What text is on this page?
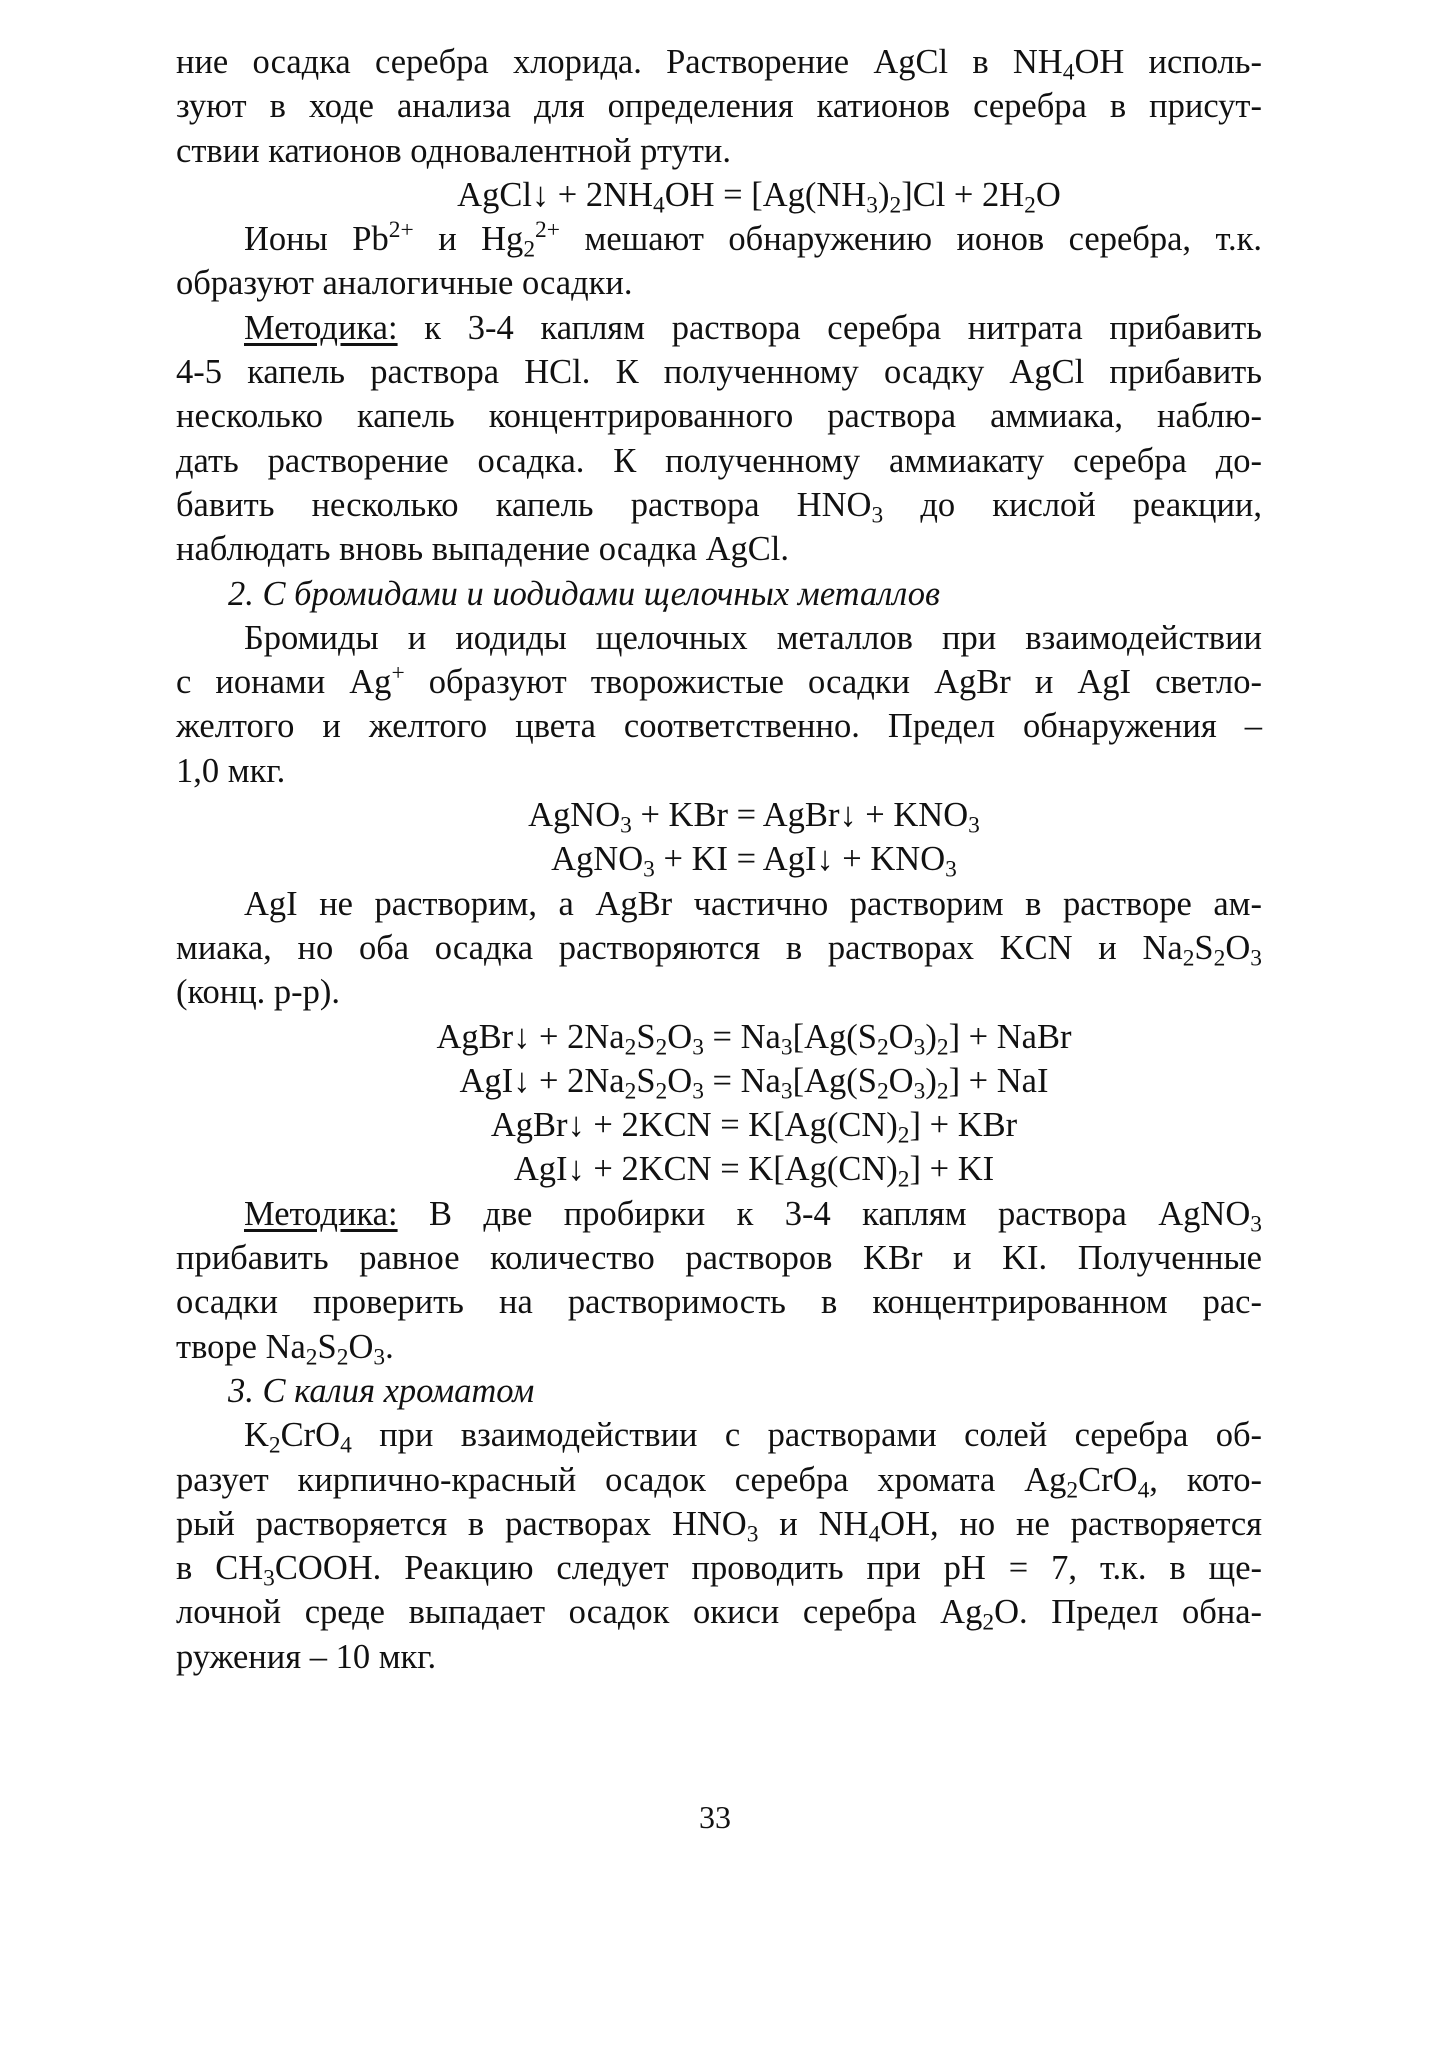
ние осадка серебра хлорида. Растворение AgCl в $NH_4OH$ исполь-
зуют в ходе анализа для определения катионов серебра в присут-
ствии катионов одновалентной ртути.
AgCl↓ + $2NH_4OH = [Ag(NH_3)_2]Cl + 2H_2O$
Ионы $Pb^{2+}$ и $Hg_2^{2+}$ мешают обнаружению ионов серебра, т.к.
образуют аналогичные осадки.
Методика: к 3-4 каплям раствора серебра нитрата прибавить
4-5 капель раствора HCl. К полученному осадку AgCl прибавить
несколько капель концентрированного раствора аммиака, наблю-
дать растворение осадка. К полученному аммиакату серебра до-
бавить несколько капель раствора $HNO_3$ до кислой реакции,
наблюдать вновь выпадение осадка AgCl.
2. С бромидами и иодидами щелочных металлов
Бромиды и иодиды щелочных металлов при взаимодействии
с ионами Ag+ образуют творожистые осадки AgBr и AgI светло-
желтого и желтого цвета соответственно. Предел обнаружения –
1,0 мкг.
AgNO$_3$ + KBr = AgBr↓ + $KNO_3$
AgNO$_3$ + KI = AgI↓ + $KNO_3$
AgI не растворим, а AgBr частично растворим в растворе ам-
миака, но оба осадка растворяются в растворах KCN и $Na_2S_2O_3$
(конц. р-р).
AgBr↓ + $2Na_2S_2O_3 = Na_3[Ag(S_2O_3)_2]$ + NaBr
AgI↓ + $2Na_2S_2O_3 = Na_3[Ag(S_2O_3)_2]$ + NaI
AgBr↓ + $2KCN = K[Ag(CN)_2]$ + KBr
AgI↓ + $2KCN = K[Ag(CN)_2]$ + KI
Методика: В две пробирки к 3-4 каплям раствора AgNO$_3$
прибавить равное количество растворов KBr и KI. Полученные
осадки проверить на растворимость в концентрированном рас-
творе $Na_2S_2O_3$.
3. С калия хроматом
$K_2CrO_4$ при взаимодействии с растворами солей серебра об-
разует кирпично-красный осадок серебра хромата $Ag_2CrO_4$, кото-
рый растворяется в растворах $HNO_3$ и $NH_4OH$, но не растворяется
в $CH_3COOH$. Реакцию следует проводить при pH = 7, т.к. в ще-
лочной среде выпадает осадок окиси серебра $Ag_2O$. Предел обна-
ружения – 10 мкг.
33
